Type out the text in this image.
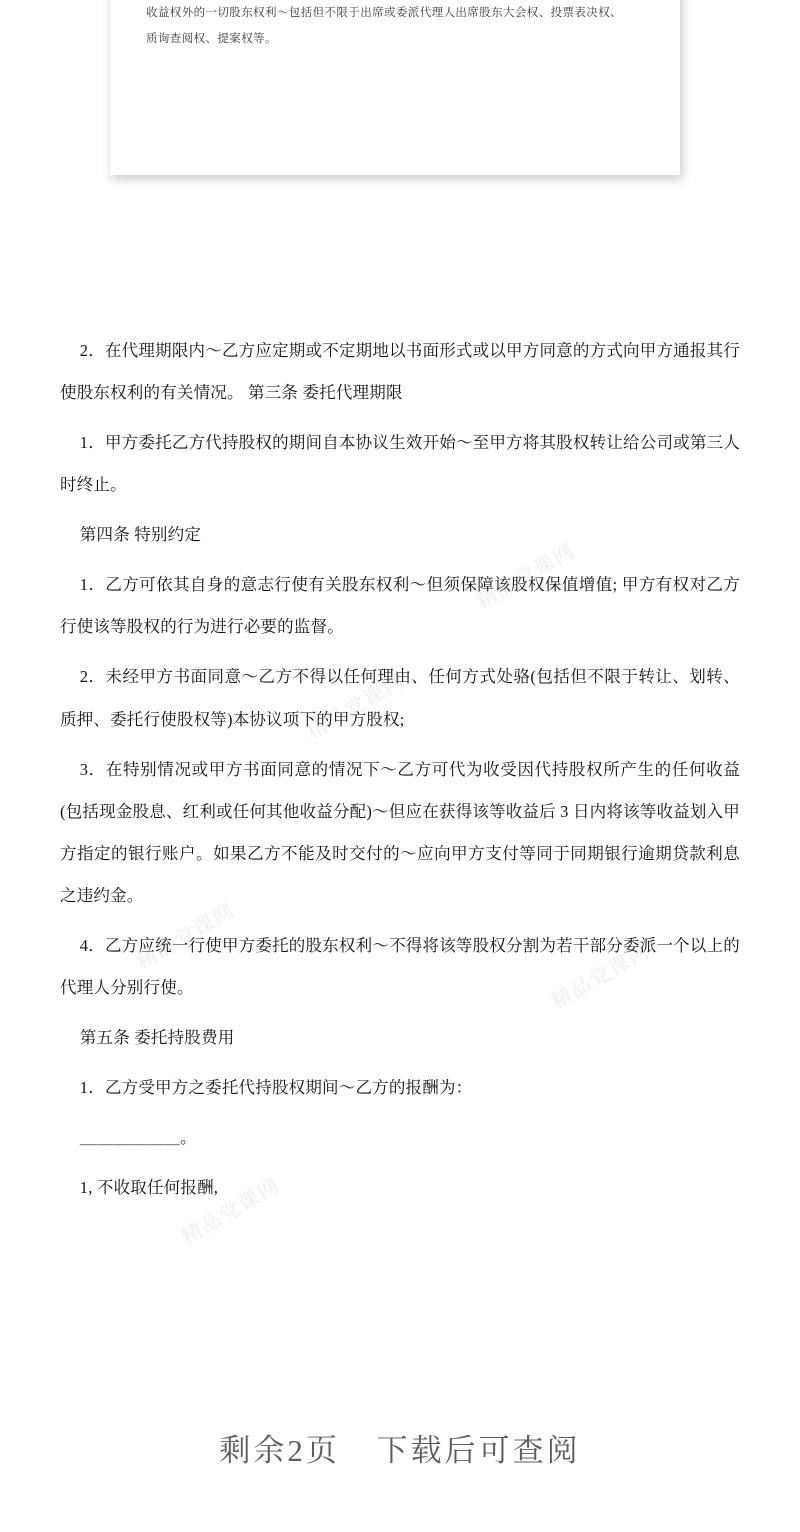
收益权外的一切股东权利～包括但不限于出席或委派代理人出席股东大会权、投票表决权、
质询查阅权、提案权等。

2．在代理期限内～乙方应定期或不定期地以书面形式或以甲方同意的方式向甲方通报其行使股东权利的有关情况。 第三条 委托代理期限

1．甲方委托乙方代持股权的期间自本协议生效开始～至甲方将其股权转让给公司或第三人时终止。

第四条 特别约定

1．乙方可依其自身的意志行使有关股东权利～但须保障该股权保值增值; 甲方有权对乙方行使该等股权的行为进行必要的监督。

2．未经甲方书面同意～乙方不得以任何理由、任何方式处骆(包括但不限于转让、划转、质押、委托行使股权等)本协议项下的甲方股权;

3．在特别情况或甲方书面同意的情况下～乙方可代为收受因代持股权所产生的任何收益(包括现金股息、红利或任何其他收益分配)～但应在获得该等收益后 3 日内将该等收益划入甲方指定的银行账户。如果乙方不能及时交付的～应向甲方支付等同于同期银行逾期贷款利息之违约金。

4．乙方应统一行使甲方委托的股东权利～不得将该等股权分割为若干部分委派一个以上的代理人分别行使。

第五条 委托持股费用

1．乙方受甲方之委托代持股权期间～乙方的报酬为：

＿＿＿＿＿＿。

1, 不收取任何报酬,

精品党课网
精品党课网
精品党课网
精品党课网
精品党课网
剩余2页 下载后可查阅
